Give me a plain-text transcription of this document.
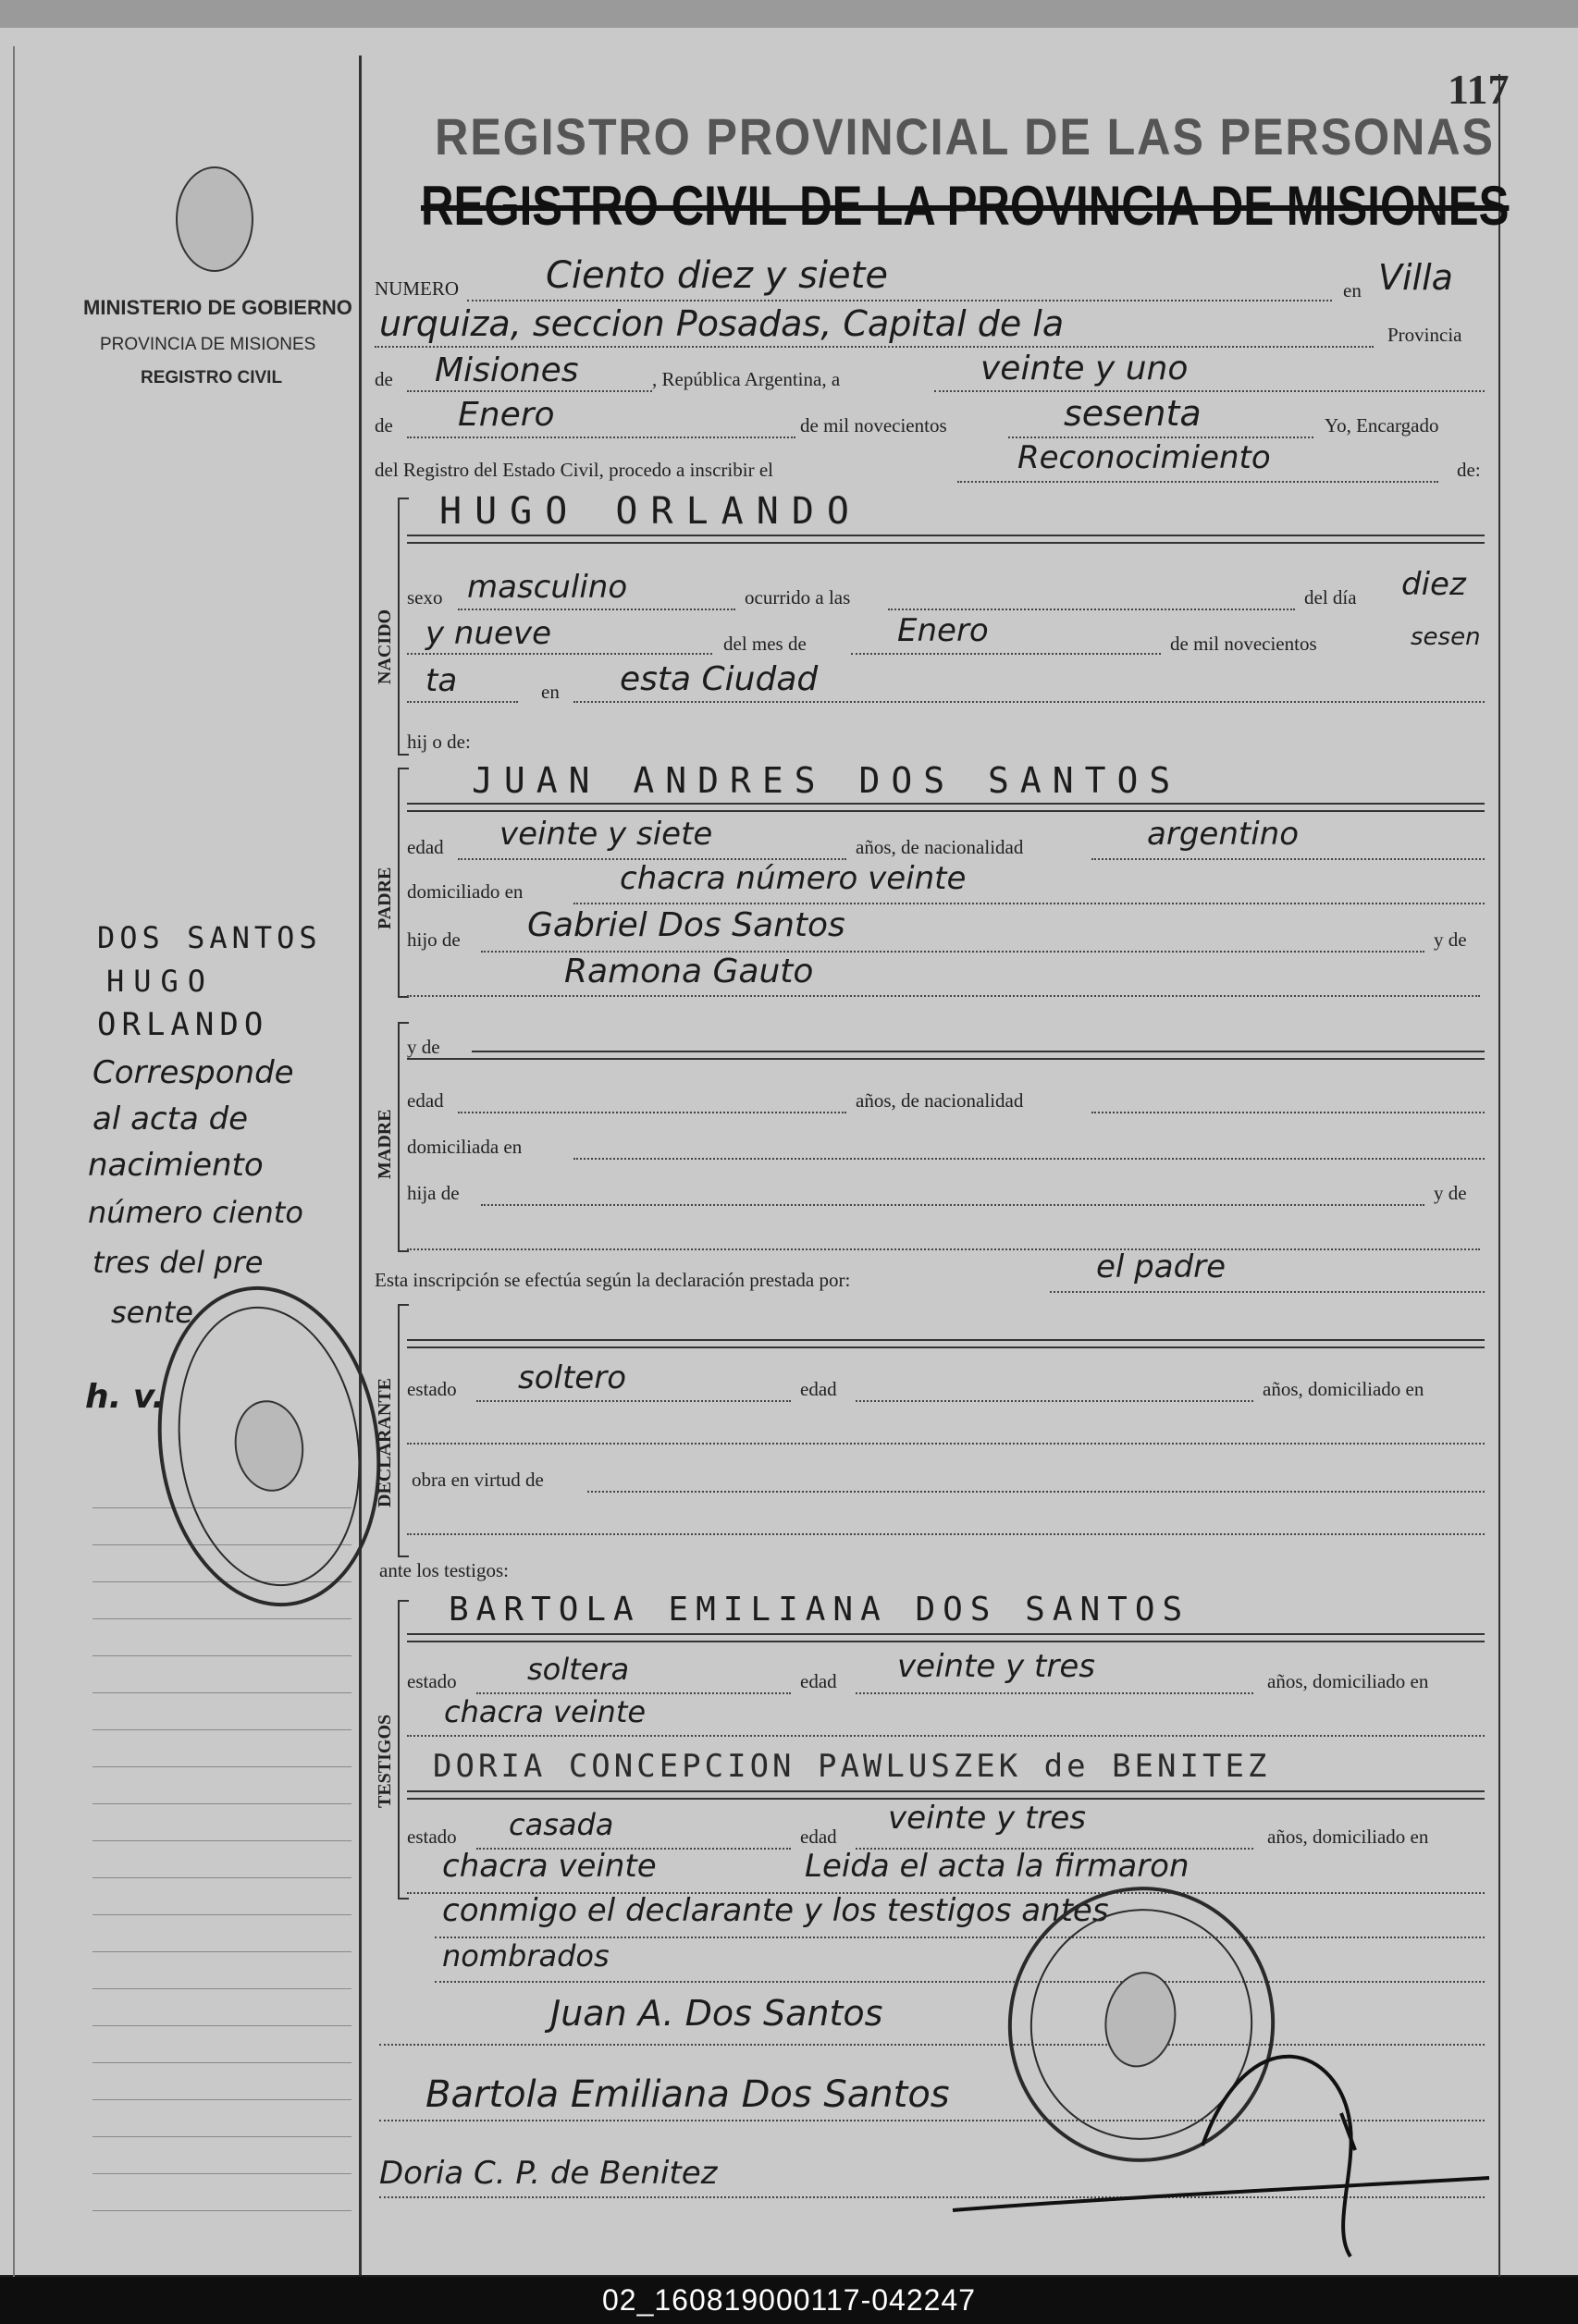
117
REGISTRO PROVINCIAL DE LAS PERSONAS
REGISTRO CIVIL DE LA PROVINCIA DE MISIONES
MINISTERIO DE GOBIERNO
PROVINCIA DE MISIONES
REGISTRO CIVIL
DOS SANTOS
HUGO
ORLANDO
Corresponde
al acta de
nacimiento
número ciento
tres del pre
sente
h. v.
NUMERO Ciento diez y siete	en Villa
urquiza, seccion Posadas, Capital de la	Provincia
de Misiones	, República Argentina, a	veinte y uno
de Enero	de mil novecientos	sesenta	Yo, Encargado
del Registro del Estado Civil, procedo a inscribir el	Reconocimiento	de:
NACIDO
HUGO ORLANDO
sexo masculino	ocurrido a las	del día diez
y nueve	del mes de	Enero	de mil novecientos	sesen
ta	en esta Ciudad
hij o de:
PADRE
JUAN ANDRES DOS SANTOS
edad veinte y siete	años, de nacionalidad	argentino
domiciliado en	chacra número veinte
hijo de Gabriel Dos Santos	y de
Ramona Gauto
MADRE
y de
edad	años, de nacionalidad
domiciliada en
hija de	y de
Esta inscripción se efectúa según la declaración prestada por:	el padre
DECLARANTE estado soltero	edad	años, domiciliado en
obra en virtud de
ante los testigos:
TESTIGOS
BARTOLA EMILIANA DOS SANTOS
estado soltera	edad veinte y tres	años, domiciliado en
chacra veinte
DORIA CONCEPCION PAWLUSZEK de BENITEZ
estado casada	edad veinte y tres	años, domiciliado en
chacra veinte	Leida el acta la firmaron
conmigo el declarante y los testigos antes
nombrados
Juan A. Dos Santos
Bartola Emiliana Dos Santos
Doria C. P. de Benitez
02_160819000117-042247
